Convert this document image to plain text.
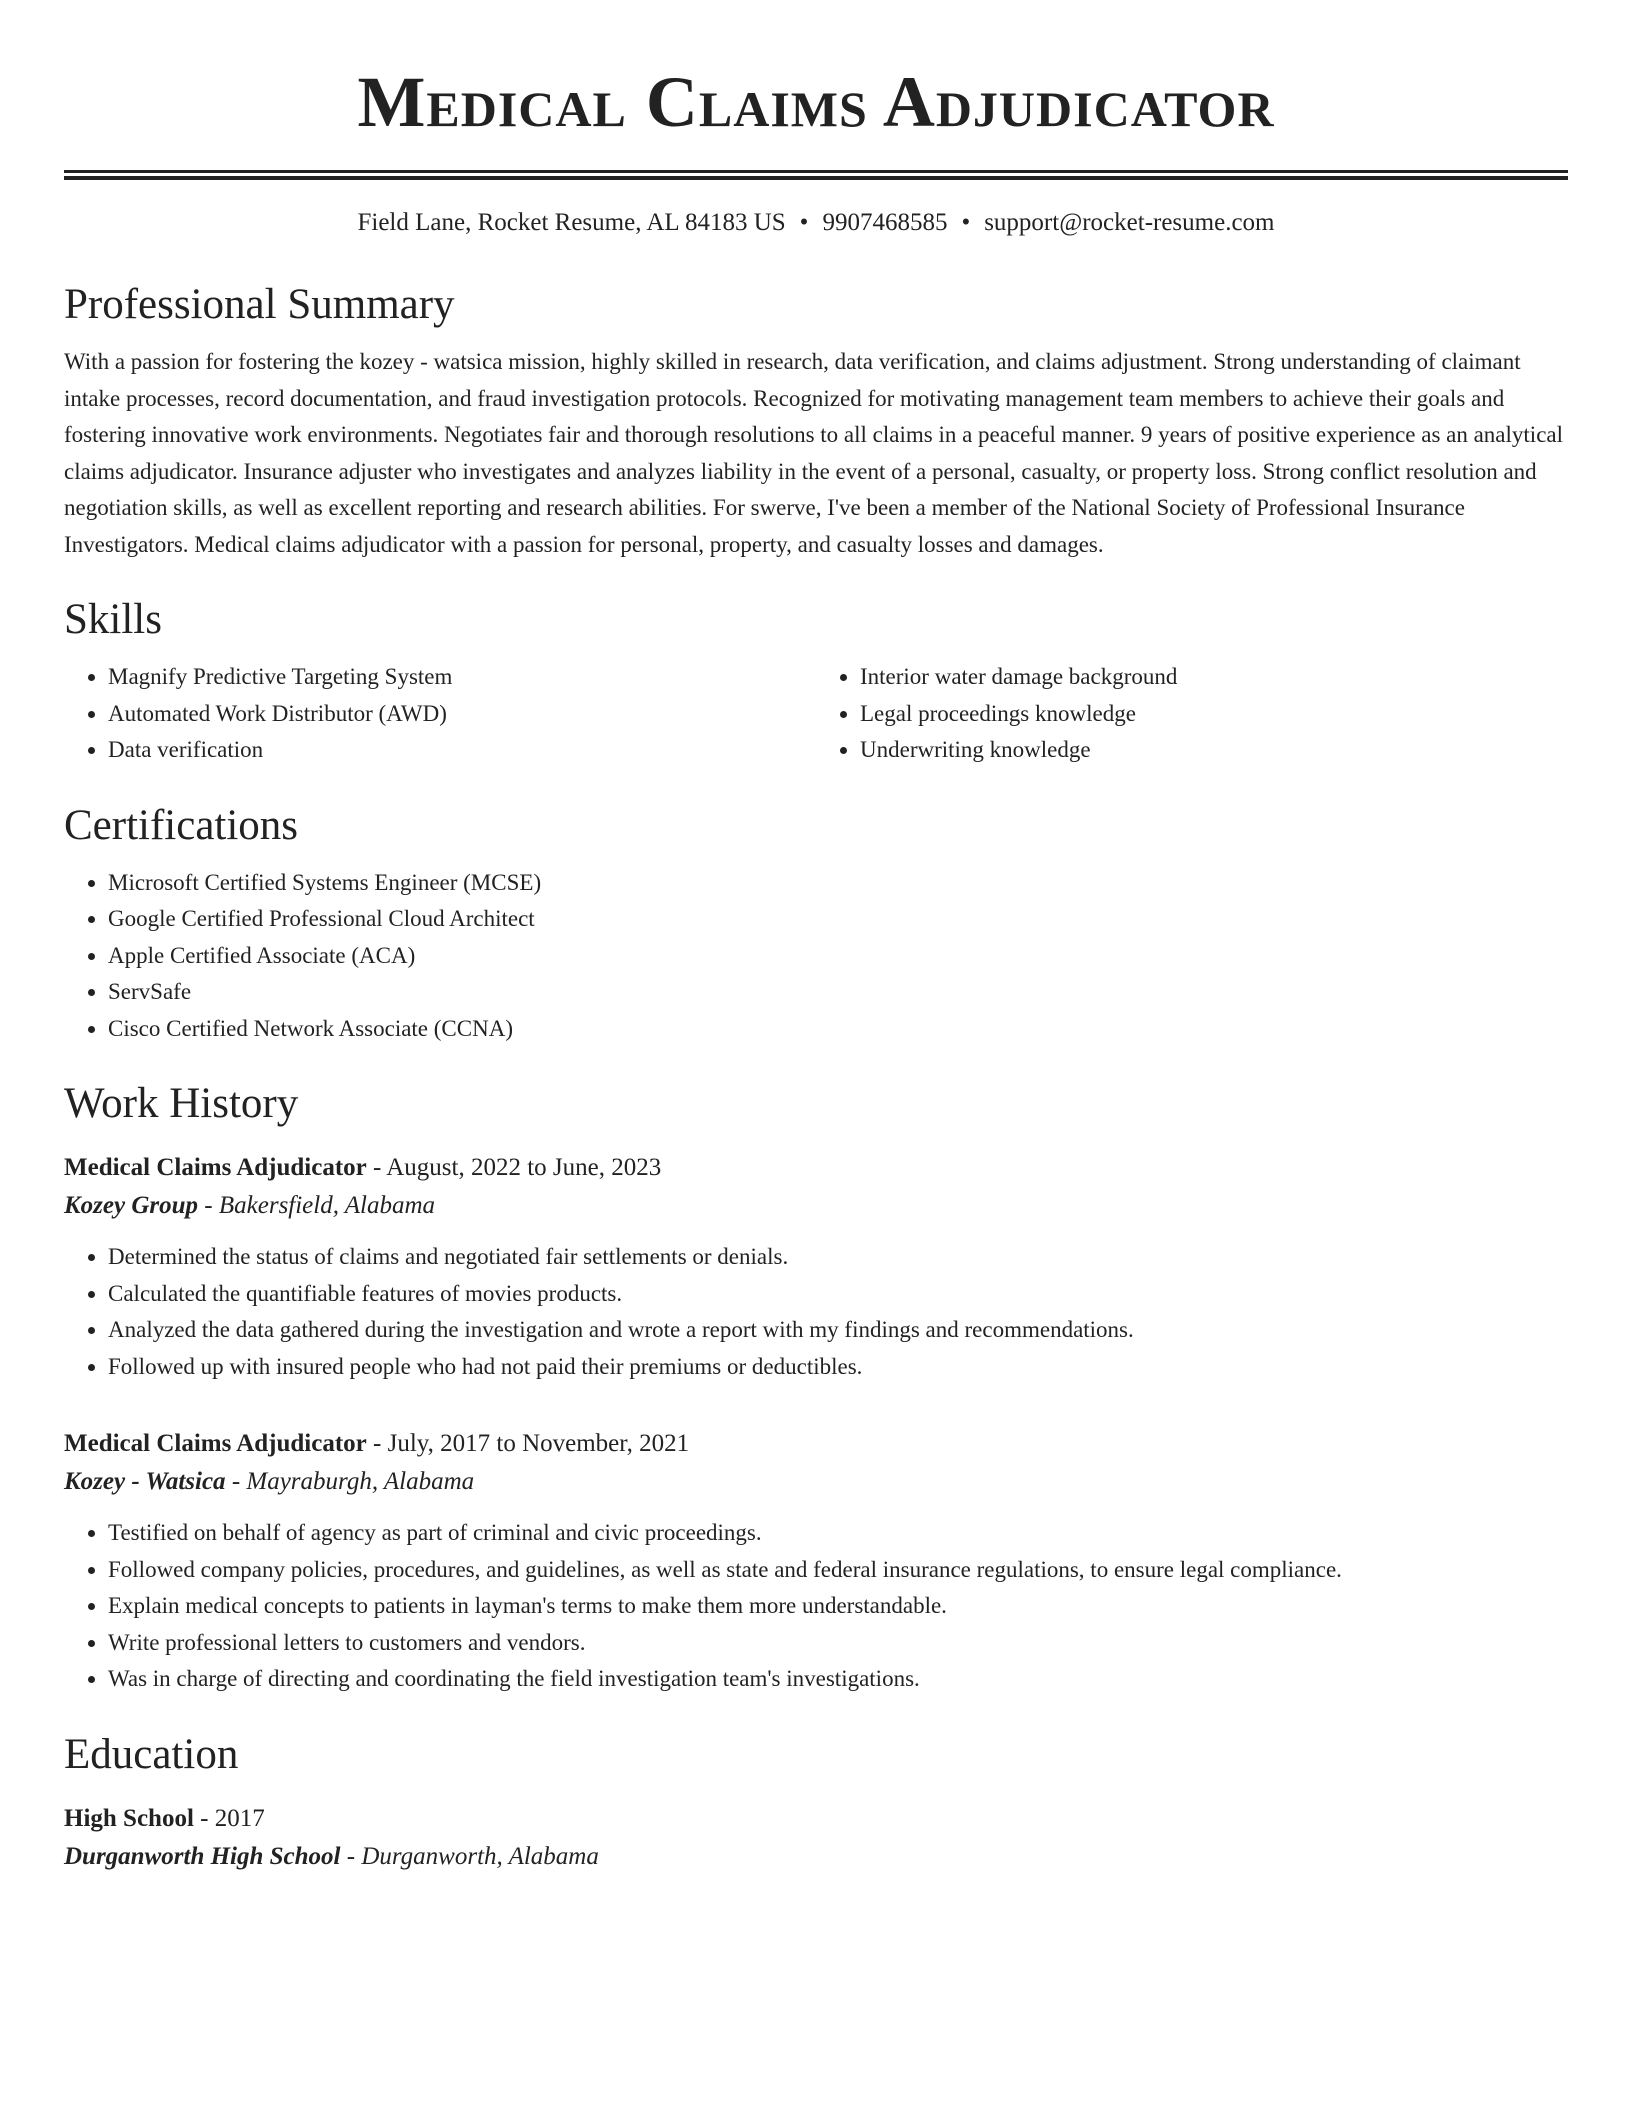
Medical Claims Adjudicator
Field Lane, Rocket Resume, AL 84183 US • 9907468585 • support@rocket-resume.com
Professional Summary

With a passion for fostering the kozey - watsica mission, highly skilled in research, data verification, and claims adjustment. Strong understanding of claimant intake processes, record documentation, and fraud investigation protocols. Recognized for motivating management team members to achieve their goals and fostering innovative work environments. Negotiates fair and thorough resolutions to all claims in a peaceful manner. 9 years of positive experience as an analytical claims adjudicator. Insurance adjuster who investigates and analyzes liability in the event of a personal, casualty, or property loss. Strong conflict resolution and negotiation skills, as well as excellent reporting and research abilities. For swerve, I've been a member of the National Society of Professional Insurance Investigators. Medical claims adjudicator with a passion for personal, property, and casualty losses and damages.

Skills
• Magnify Predictive Targeting System
• Automated Work Distributor (AWD)
• Data verification
• Interior water damage background
• Legal proceedings knowledge
• Underwriting knowledge
Certifications
• Microsoft Certified Systems Engineer (MCSE)
• Google Certified Professional Cloud Architect
• Apple Certified Associate (ACA)
• ServSafe
• Cisco Certified Network Associate (CCNA)
Work History
Medical Claims Adjudicator - August, 2022 to June, 2023
Kozey Group - Bakersfield, Alabama
• Determined the status of claims and negotiated fair settlements or denials.
• Calculated the quantifiable features of movies products.
• Analyzed the data gathered during the investigation and wrote a report with my findings and recommendations.
• Followed up with insured people who had not paid their premiums or deductibles.
Medical Claims Adjudicator - July, 2017 to November, 2021
Kozey - Watsica - Mayraburgh, Alabama
• Testified on behalf of agency as part of criminal and civic proceedings.
• Followed company policies, procedures, and guidelines, as well as state and federal insurance regulations, to ensure legal compliance.
• Explain medical concepts to patients in layman's terms to make them more understandable.
• Write professional letters to customers and vendors.
• Was in charge of directing and coordinating the field investigation team's investigations.
Education
High School - 2017
Durganworth High School - Durganworth, Alabama
